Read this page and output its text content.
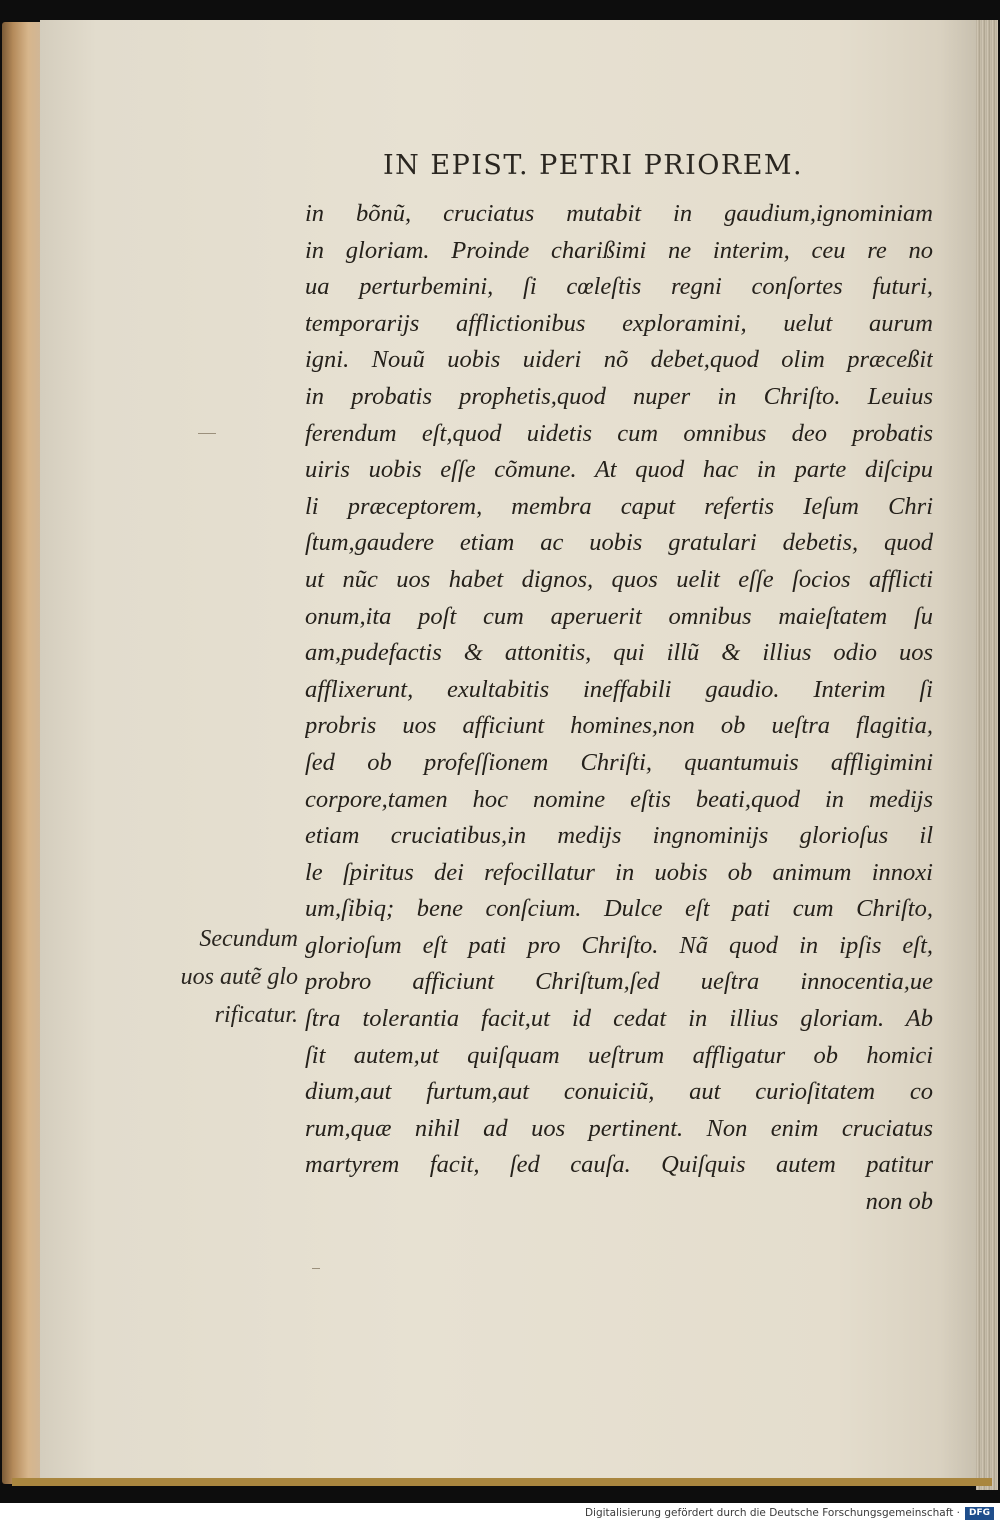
IN EPIST. PETRI PRIOREM.
in bõnũ, cruciatus mutabit in gaudium,ignominiam
in gloriam. Proinde charißimi ne interim, ceu re no
ua perturbemini, ſi cœleſtis regni conſortes futuri,
temporarijs afflictionibus exploramini, uelut aurum
igni. Nouũ uobis uideri nõ debet,quod olim præceßit
in probatis prophetis,quod nuper in Chriſto. Leuius
ferendum eſt,quod uidetis cum omnibus deo probatis
uiris uobis eſſe cõmune. At quod hac in parte diſcipu
li præceptorem, membra caput refertis Ieſum Chri
ſtum,gaudere etiam ac uobis gratulari debetis, quod
ut nũc uos habet dignos, quos uelit eſſe ſocios afflicti
onum,ita poſt cum aperuerit omnibus maieſtatem ſu
am,pudefactis & attonitis, qui illũ & illius odio uos
afflixerunt, exultabitis ineffabili gaudio. Interim ſi
probris uos afficiunt homines,non ob ueſtra flagitia,
ſed ob profeſſionem Chriſti, quantumuis affligimini
corpore,tamen hoc nomine eſtis beati,quod in medijs
etiam cruciatibus,in medijs ingnominijs glorioſus il
le ſpiritus dei refocillatur in uobis ob animum innoxi
um,ſibiq; bene conſcium. Dulce eſt pati cum Chriſto,
glorioſum eſt pati pro Chriſto. Nã quod in ipſis eſt,
probro afficiunt Chriſtum,ſed ueſtra innocentia,ue
ſtra tolerantia facit,ut id cedat in illius gloriam. Ab
ſit autem,ut quiſquam ueſtrum affligatur ob homici
dium,aut furtum,aut conuiciũ, aut curioſitatem co
rum,quæ nihil ad uos pertinent. Non enim cruciatus
martyrem facit, ſed cauſa. Quiſquis autem patitur
non ob
Secundum
uos autẽ glo
rificatur.
Digitalisierung gefördert durch die Deutsche Forschungsgemeinschaft · DFG
